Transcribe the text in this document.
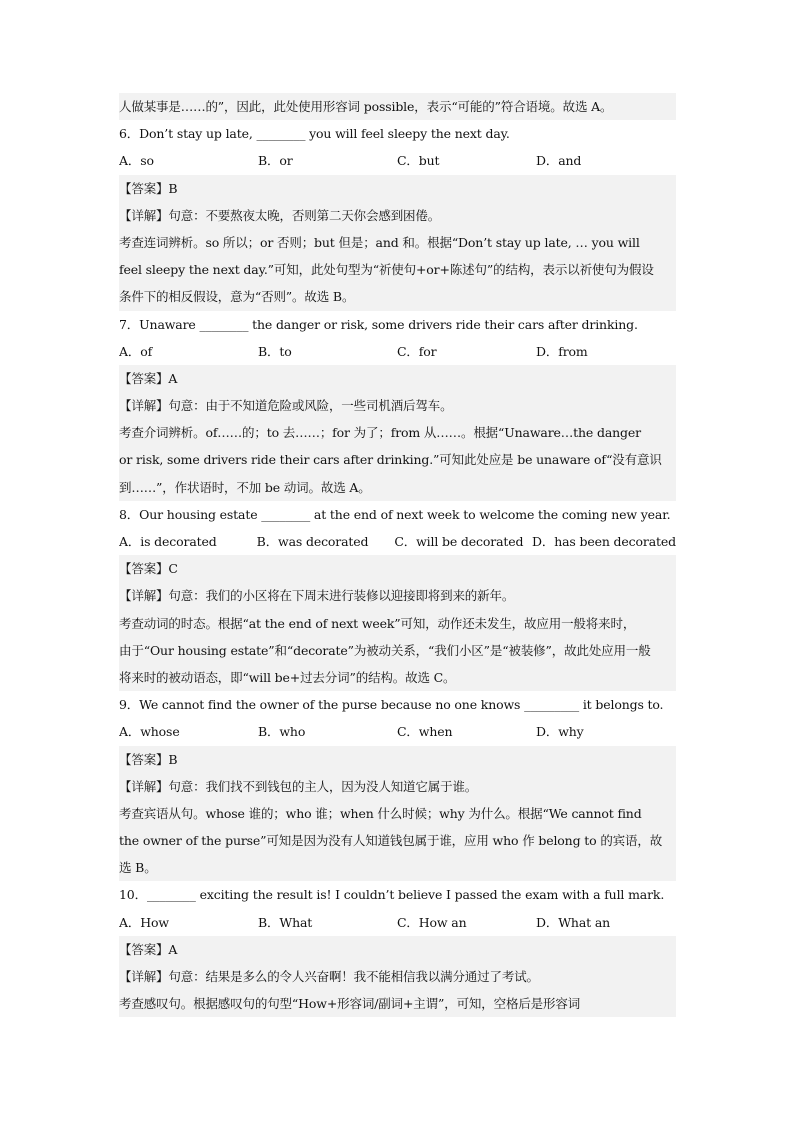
人做某事是……的”，因此，此处使用形容词 possible，表示“可能的”符合语境。故选 A。
6．Don’t stay up late, ________ you will feel sleepy the next day.
A．so	B．or	C．but	D．and
【答案】B
【详解】句意：不要熬夜太晚，否则第二天你会感到困倦。
考查连词辨析。so 所以；or 否则；but 但是；and 和。根据“Don’t stay up late, … you will
feel sleepy the next day.”可知，此处句型为“祈使句+or+陈述句”的结构，表示以祈使句为假设
条件下的相反假设，意为“否则”。故选 B。
7．Unaware ________ the danger or risk, some drivers ride their cars after drinking.
A．of	B．to	C．for	D．from
【答案】A
【详解】句意：由于不知道危险或风险，一些司机酒后驾车。
考查介词辨析。of……的；to 去……；for 为了；from 从……。根据“Unaware…the danger
or risk, some drivers ride their cars after drinking.”可知此处应是 be unaware of“没有意识
到……”，作状语时，不加 be 动词。故选 A。
8．Our housing estate ________ at the end of next week to welcome the coming new year.
A．is decorated	B．was decorated	C．will be decorated D．has been decorated
【答案】C
【详解】句意：我们的小区将在下周末进行装修以迎接即将到来的新年。
考查动词的时态。根据“at the end of next week”可知，动作还未发生，故应用一般将来时，
由于“Our housing estate”和“decorate”为被动关系，“我们小区”是“被装修”，故此处应用一般
将来时的被动语态，即“will be+过去分词”的结构。故选 C。
9．We cannot find the owner of the purse because no one knows _________ it belongs to.
A．whose	B．who	C．when	D．why
【答案】B
【详解】句意：我们找不到钱包的主人，因为没人知道它属于谁。
考查宾语从句。whose 谁的；who 谁；when 什么时候；why 为什么。根据“We cannot find
the owner of the purse”可知是因为没有人知道钱包属于谁，应用 who 作 belong to 的宾语，故
选 B。
10．________ exciting the result is! I couldn’t believe I passed the exam with a full mark.
A．How	B．What	C．How an	D．What an
【答案】A
【详解】句意：结果是多么的令人兴奋啊！我不能相信我以满分通过了考试。
考查感叹句。根据感叹句的句型“How+形容词/副词+主谓”，可知，空格后是形容词
